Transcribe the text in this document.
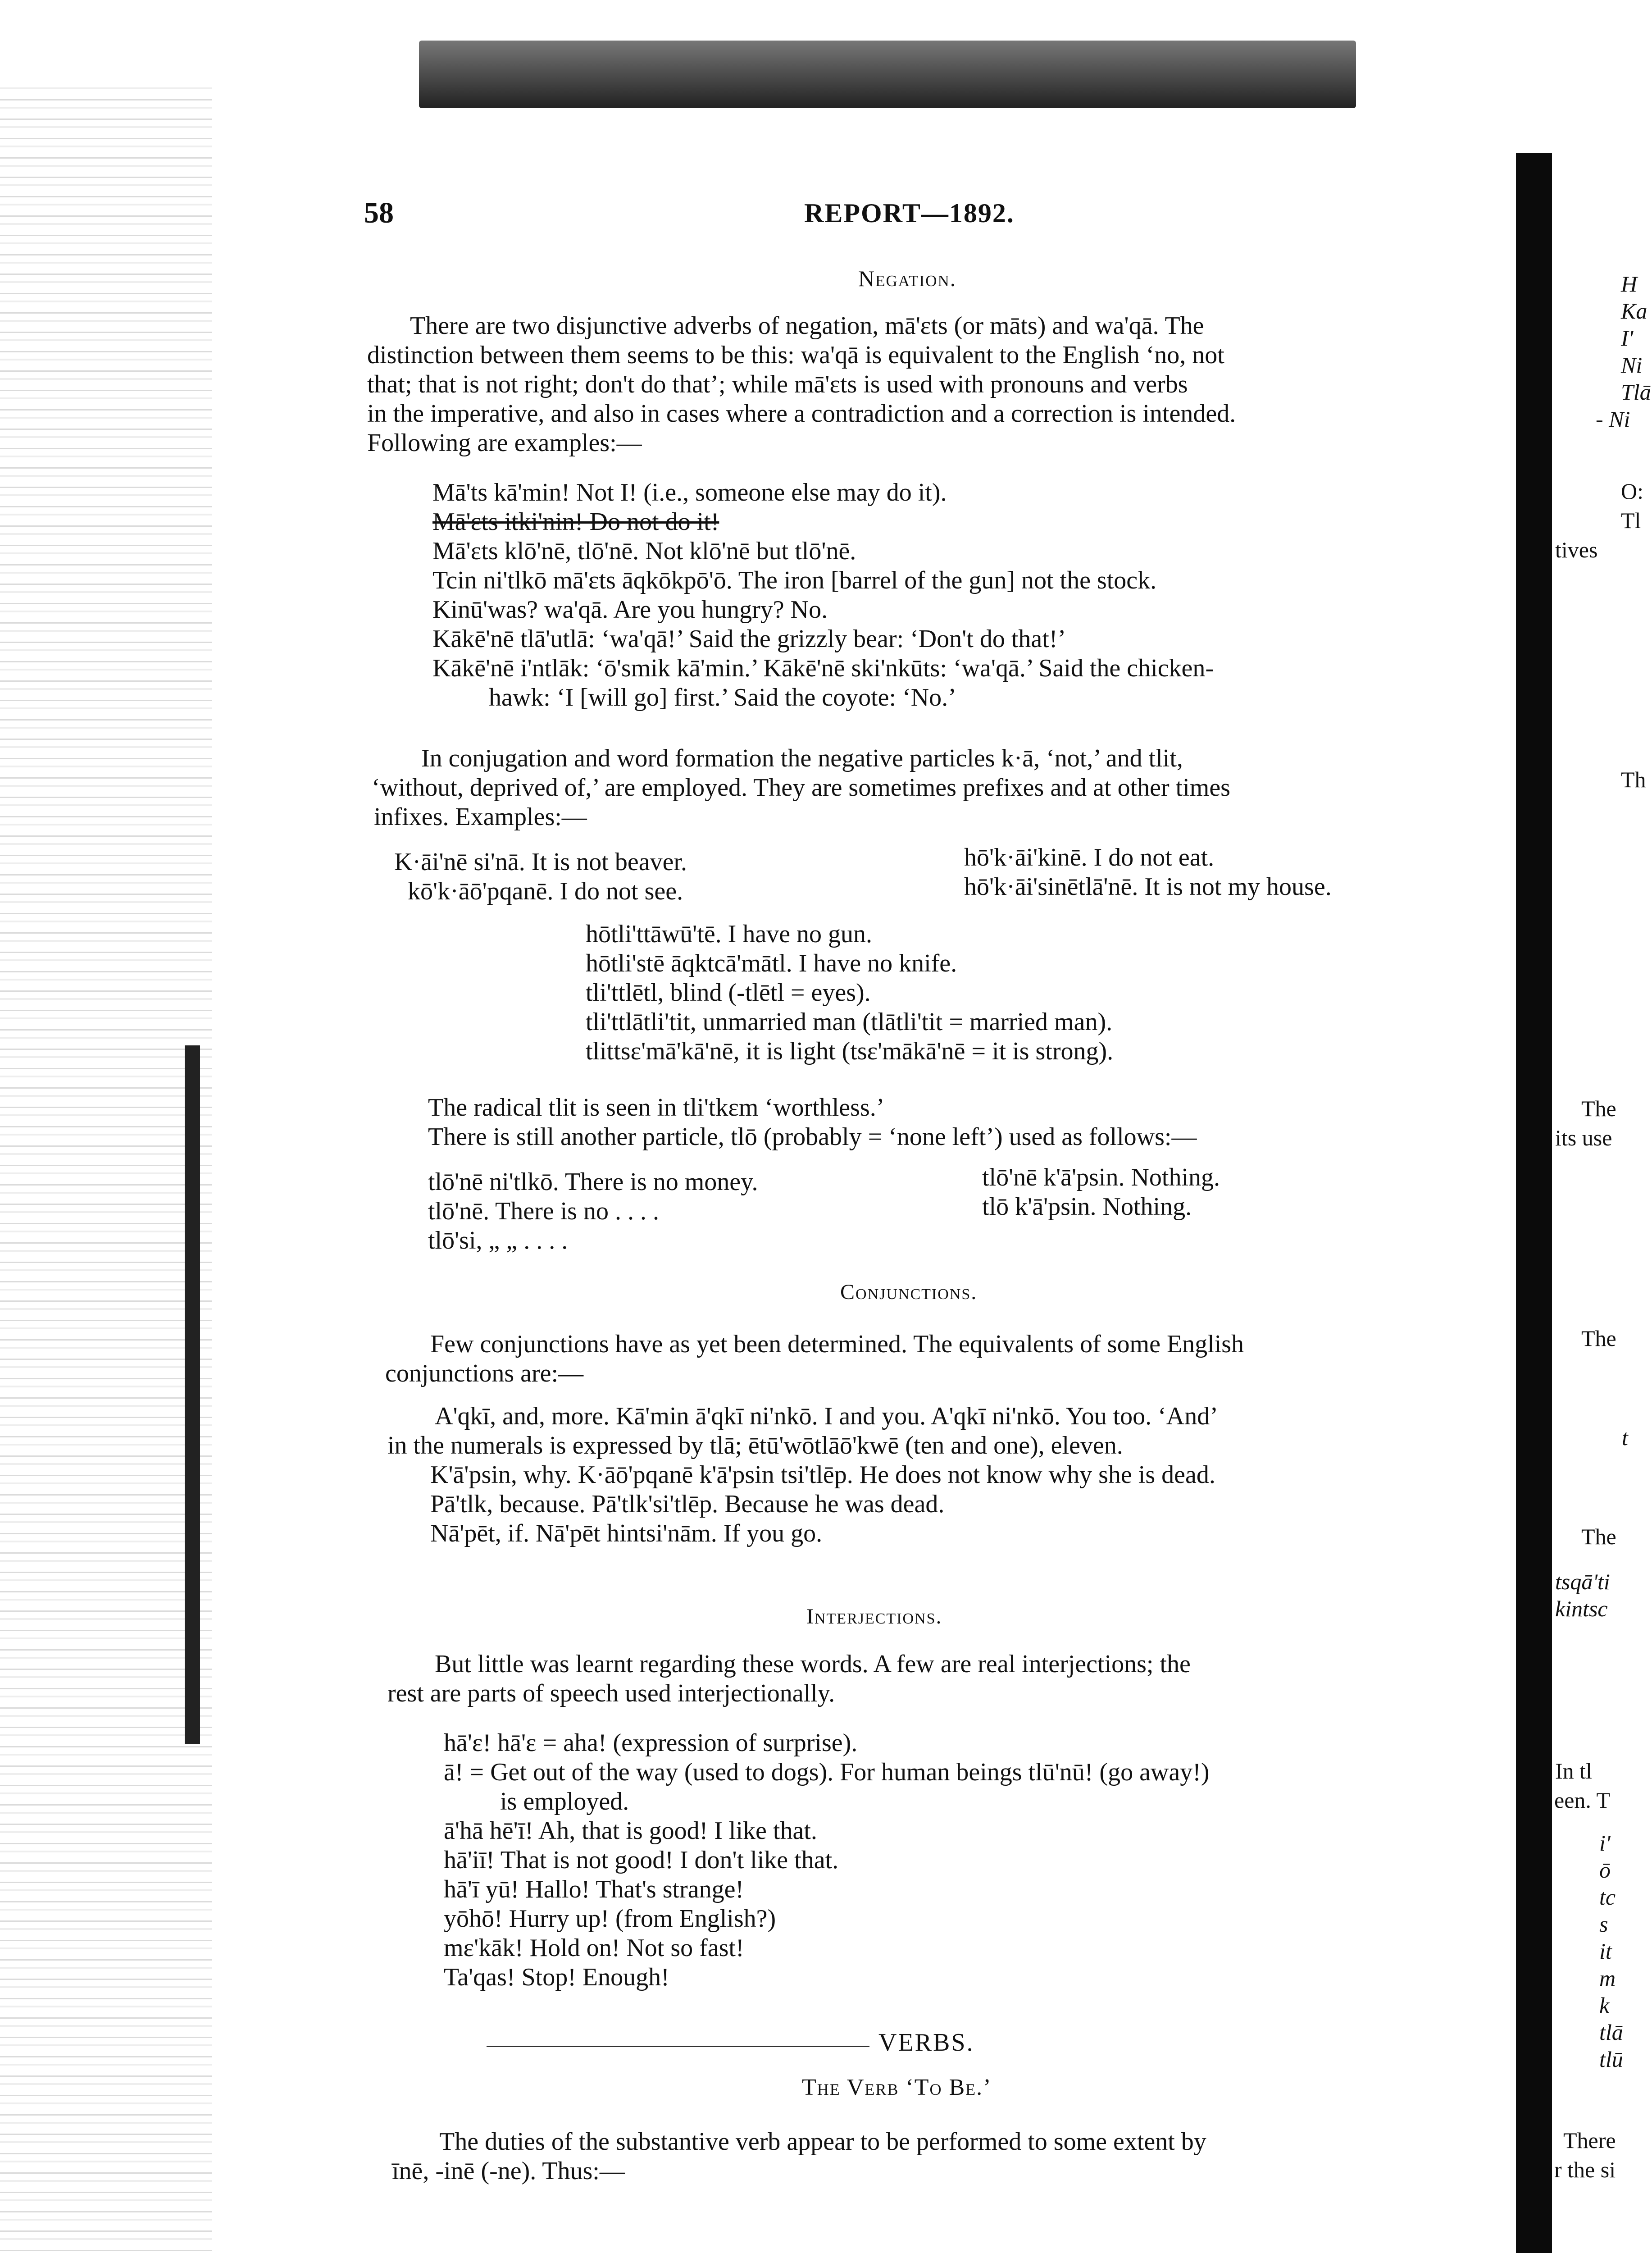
58	REPORT—1892.
Negation.
There are two disjunctive adverbs of negation, mā'ɛts (or māts) and wa'qā. The
distinction between them seems to be this: wa'qā is equivalent to the English ‘no, not
that; that is not right; don't do that’; while mā'ɛts is used with pronouns and verbs
in the imperative, and also in cases where a contradiction and a correction is intended.
Following are examples:—
Mā'ts kā'min! Not I! (i.e., someone else may do it).
Mā'ɛts itki'nin! Do not do it!
Mā'ɛts klō'nē, tlō'nē. Not klō'nē but tlō'nē.
Tcin ni'tlkō mā'ɛts āqkōkpō'ō. The iron [barrel of the gun] not the stock.
Kinū'was? wa'qā. Are you hungry? No.
Kākē'nē tlā'utlā: ‘wa'qā!’ Said the grizzly bear: ‘Don't do that!’
Kākē'nē i'ntlāk: ‘ō'smik kā'min.’ Kākē'nē ski'nkūts: ‘wa'qā.’ Said the chicken-
hawk: ‘I [will go] first.’ Said the coyote: ‘No.’
In conjugation and word formation the negative particles k·ā, ‘not,’ and tlit,
‘without, deprived of,’ are employed. They are sometimes prefixes and at other times
infixes. Examples:—
K·āi'nē si'nā. It is not beaver.
kō'k·āō'pqanē. I do not see.
hō'k·āi'kinē. I do not eat.
hō'k·āi'sinētlā'nē. It is not my house.
hōtli'ttāwū'tē. I have no gun.
hōtli'stē āqktcā'mātl. I have no knife.
tli'ttlētl, blind (-tlētl = eyes).
tli'ttlātli'tit, unmarried man (tlātli'tit = married man).
tlittsɛ'mā'kā'nē, it is light (tsɛ'mākā'nē = it is strong).
The radical tlit is seen in tli'tkɛm ‘worthless.’
There is still another particle, tlō (probably = ‘none left’) used as follows:—
tlō'nē ni'tlkō. There is no money.
tlō'nē. There is no . . . .
tlō'si, „ „ . . . .
tlō'nē k'ā'psin. Nothing.
tlō k'ā'psin. Nothing.
Conjunctions.
Few conjunctions have as yet been determined. The equivalents of some English
conjunctions are:—
A'qkī, and, more. Kā'min ā'qkī ni'nkō. I and you. A'qkī ni'nkō. You too. ‘And’
in the numerals is expressed by tlā; ētū'wōtlāō'kwē (ten and one), eleven.
K'ā'psin, why. K·āō'pqanē k'ā'psin tsi'tlēp. He does not know why she is dead.
Pā'tlk, because. Pā'tlk'si'tlēp. Because he was dead.
Nā'pēt, if. Nā'pēt hintsi'nām. If you go.
Interjections.
But little was learnt regarding these words. A few are real interjections; the
rest are parts of speech used interjectionally.
hā'ɛ! hā'ɛ = aha! (expression of surprise).
ā! = Get out of the way (used to dogs). For human beings tlū'nū! (go away!)
is employed.
ā'hā hē'ī! Ah, that is good! I like that.
hā'iī! That is not good! I don't like that.
hā'ī yū! Hallo! That's strange!
yōhō! Hurry up! (from English?)
mɛ'kāk! Hold on! Not so fast!
Ta'qas! Stop! Enough!
VERBS.
The Verb ‘To Be.’
The duties of the substantive verb appear to be performed to some extent by
īnē, -inē (-ne). Thus:—
H
Ka
I'
Ni
Tlā
- Ni
O:
Tl
tives
Th
The
its use
The
t
The
tsqā'ti
kintsc
In tl
een. T
i'
ō
tc
s
it
m
k
tlā
tlū
There
r the si
